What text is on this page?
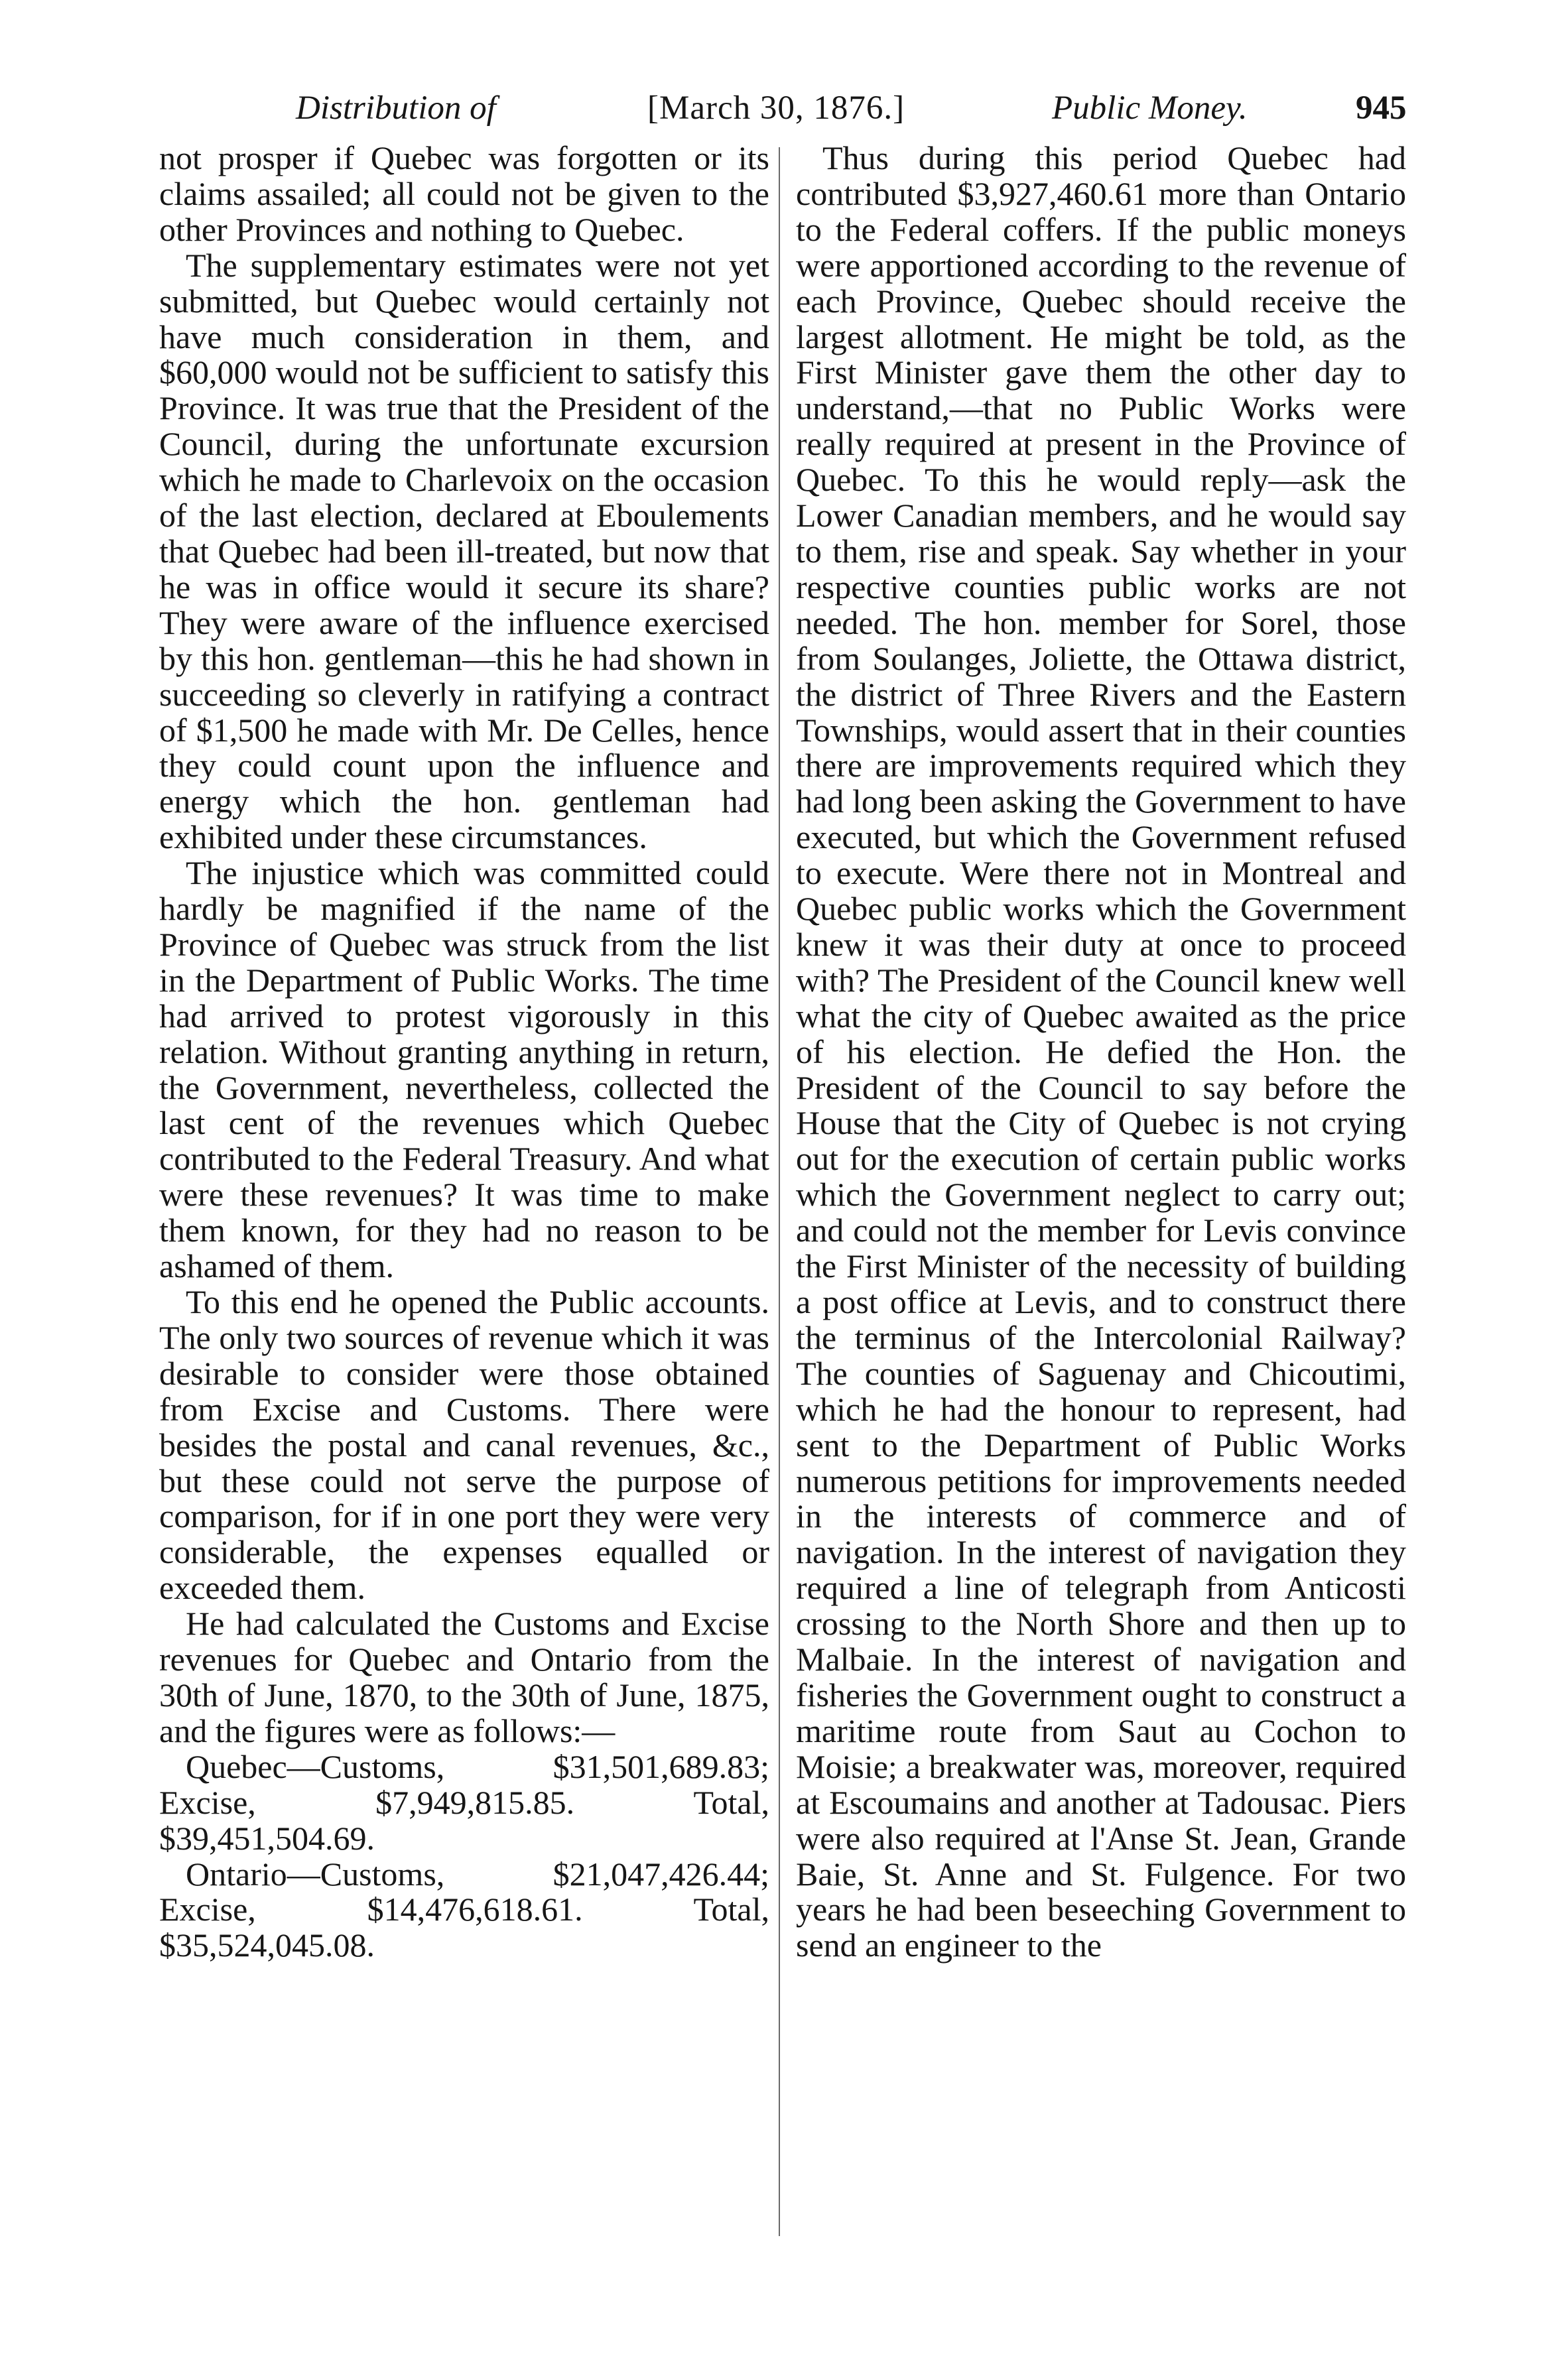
Distribution of	[March 30, 1876.]	Public Money.	945

not prosper if Quebec was forgotten or its claims assailed; all could not be given to the other Provinces and nothing to Quebec.

The supplementary estimates were not yet submitted, but Quebec would certainly not have much consideration in them, and $60,000 would not be sufficient to satisfy this Province. It was true that the President of the Council, during the unfortunate excursion which he made to Charlevoix on the occasion of the last election, declared at Eboulements that Quebec had been ill-treated, but now that he was in office would it secure its share? They were aware of the influence exercised by this hon. gentleman—this he had shown in succeeding so cleverly in ratifying a contract of $1,500 he made with Mr. De Celles, hence they could count upon the influence and energy which the hon. gentleman had exhibited under these circumstances.

The injustice which was committed could hardly be magnified if the name of the Province of Quebec was struck from the list in the Department of Public Works. The time had arrived to protest vigorously in this relation. Without granting anything in return, the Government, nevertheless, collected the last cent of the revenues which Quebec contributed to the Federal Treasury. And what were these revenues? It was time to make them known, for they had no reason to be ashamed of them.

To this end he opened the Public accounts. The only two sources of revenue which it was desirable to consider were those obtained from Excise and Customs. There were besides the postal and canal revenues, &c., but these could not serve the purpose of comparison, for if in one port they were very considerable, the expenses equalled or exceeded them.

He had calculated the Customs and Excise revenues for Quebec and Ontario from the 30th of June, 1870, to the 30th of June, 1875, and the figures were as follows:—

Quebec—Customs, $31,501,689.83; Excise, $7,949,815.85. Total, $39,451,504.69.

Ontario—Customs, $21,047,426.44; Excise, $14,476,618.61. Total, $35,524,045.08.

Thus during this period Quebec had contributed $3,927,460.61 more than Ontario to the Federal coffers. If the public moneys were apportioned according to the revenue of each Province, Quebec should receive the largest allotment. He might be told, as the First Minister gave them the other day to understand,—that no Public Works were really required at present in the Province of Quebec. To this he would reply—ask the Lower Canadian members, and he would say to them, rise and speak. Say whether in your respective counties public works are not needed. The hon. member for Sorel, those from Soulanges, Joliette, the Ottawa district, the district of Three Rivers and the Eastern Townships, would assert that in their counties there are improvements required which they had long been asking the Government to have executed, but which the Government refused to execute. Were there not in Montreal and Quebec public works which the Government knew it was their duty at once to proceed with? The President of the Council knew well what the city of Quebec awaited as the price of his election. He defied the Hon. the President of the Council to say before the House that the City of Quebec is not crying out for the execution of certain public works which the Government neglect to carry out; and could not the member for Levis convince the First Minister of the necessity of building a post office at Levis, and to construct there the terminus of the Intercolonial Railway? The counties of Saguenay and Chicoutimi, which he had the honour to represent, had sent to the Department of Public Works numerous petitions for improvements needed in the interests of commerce and of navigation. In the interest of navigation they required a line of telegraph from Anticosti crossing to the North Shore and then up to Malbaie. In the interest of navigation and fisheries the Government ought to construct a maritime route from Saut au Cochon to Moisie; a breakwater was, moreover, required at Escoumains and another at Tadousac. Piers were also required at l'Anse St. Jean, Grande Baie, St. Anne and St. Fulgence. For two years he had been beseeching Government to send an engineer to the
